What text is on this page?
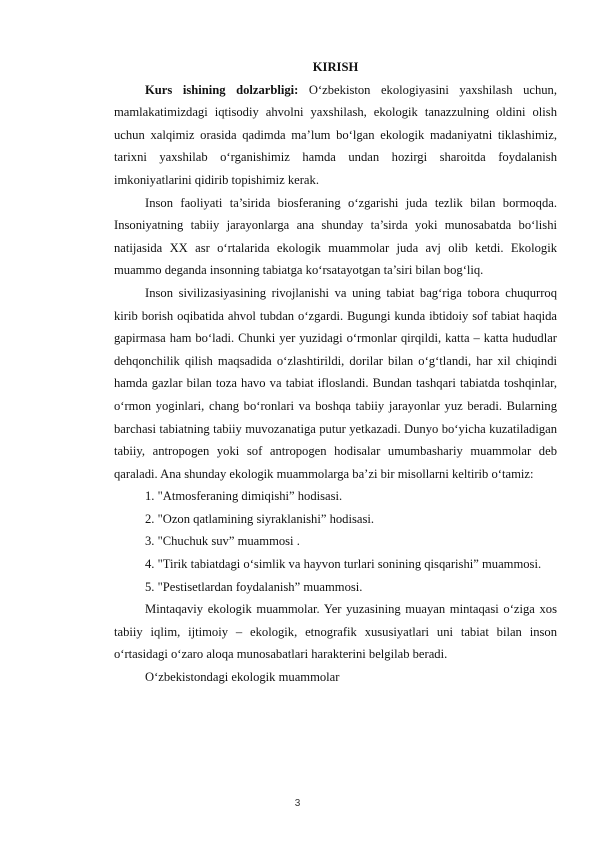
KIRISH

Kurs ishining dolzarbligi: O‘zbekiston ekologiyasini yaxshilash uchun, mamlakatimizdagi iqtisodiy ahvolni yaxshilash, ekologik tanazzulning oldini olish uchun xalqimiz orasida qadimda ma’lum bo‘lgan ekologik madaniyatni tiklashimiz, tarixni yaxshilab o‘rganishimiz hamda undan hozirgi sharoitda foydalanish imkoniyatlarini qidirib topishimiz kerak.

Inson faoliyati ta’sirida biosferaning o‘zgarishi juda tezlik bilan bormoqda. Insoniyatning tabiiy jarayonlarga ana shunday ta’sirda yoki munosabatda bo‘lishi natijasida XX asr o‘rtalarida ekologik muammolar juda avj olib ketdi. Ekologik muammo deganda insonning tabiatga ko‘rsatayotgan ta’siri bilan bog‘liq.

Inson sivilizasiyasining rivojlanishi va uning tabiat bag‘riga tobora chuqurroq kirib borish oqibatida ahvol tubdan o‘zgardi. Bugungi kunda ibtidoiy sof tabiat haqida gapirmasa ham bo‘ladi. Chunki yer yuzidagi o‘rmonlar qirqildi, katta – katta hududlar dehqonchilik qilish maqsadida o‘zlashtirildi, dorilar bilan o‘g‘tlandi, har xil chiqindi hamda gazlar bilan toza havo va tabiat ifloslandi. Bundan tashqari tabiatda toshqinlar, o‘rmon yoginlari, chang bo‘ronlari va boshqa tabiiy jarayonlar yuz beradi. Bularning barchasi tabiatning tabiiy muvozanatiga putur yetkazadi. Dunyo bo‘yicha kuzatiladigan tabiiy, antropogen yoki sof antropogen hodisalar umumbashariy muammolar deb qaraladi. Ana shunday ekologik muammolarga ba’zi bir misollarni keltirib o‘tamiz:

1. "Atmosferaning dimiqishi” hodisasi.

2. "Ozon qatlamining siyraklanishi” hodisasi.

3. "Chuchuk suv” muammosi .

4. "Tirik tabiatdagi o‘simlik va hayvon turlari sonining qisqarishi” muammosi.

5. "Pestisetlardan foydalanish” muammosi.

Mintaqaviy ekologik muammolar. Yer yuzasining muayan mintaqasi o‘ziga xos tabiiy iqlim, ijtimoiy – ekologik, etnografik xususiyatlari uni tabiat bilan inson o‘rtasidagi o‘zaro aloqa munosabatlari harakterini belgilab beradi.

O‘zbekistondagi ekologik muammolar

3
